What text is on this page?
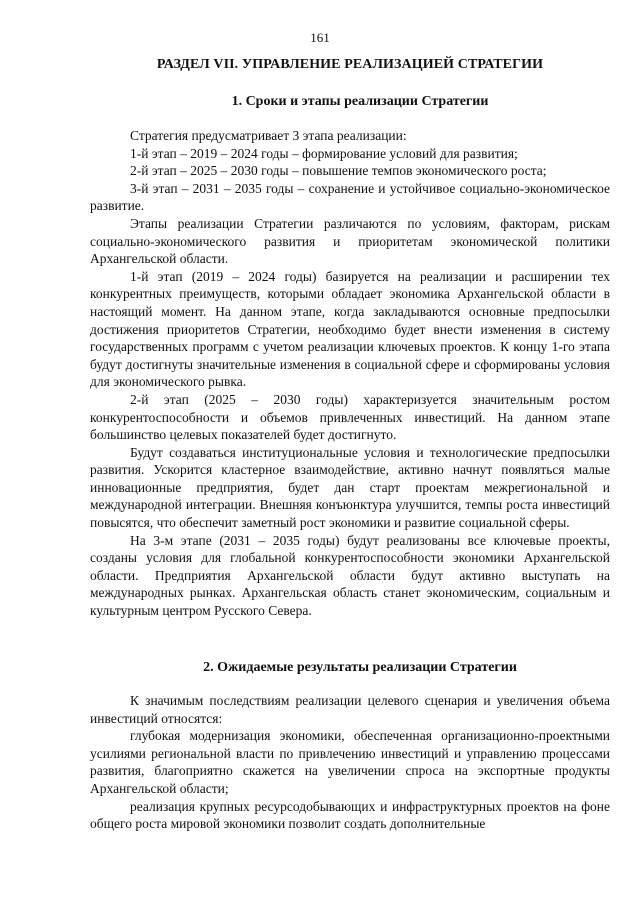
161
РАЗДЕЛ VII. УПРАВЛЕНИЕ РЕАЛИЗАЦИЕЙ СТРАТЕГИИ
1. Сроки и этапы реализации Стратегии

Стратегия предусматривает 3 этапа реализации:

1-й этап – 2019 – 2024 годы – формирование условий для развития;

2-й этап – 2025 – 2030 годы – повышение темпов экономического роста;

3-й этап – 2031 – 2035 годы – сохранение и устойчивое социально-экономическое развитие.

Этапы реализации Стратегии различаются по условиям, факторам, рискам социально-экономического развития и приоритетам экономической политики Архангельской области.

1-й этап (2019 – 2024 годы) базируется на реализации и расширении тех конкурентных преимуществ, которыми обладает экономика Архангельской области в настоящий момент. На данном этапе, когда закладываются основные предпосылки достижения приоритетов Стратегии, необходимо будет внести изменения в систему государственных программ с учетом реализации ключевых проектов. К концу 1-го этапа будут достигнуты значительные изменения в социальной сфере и сформированы условия для экономического рывка.

2-й этап (2025 – 2030 годы) характеризуется значительным ростом конкурентоспособности и объемов привлеченных инвестиций. На данном этапе большинство целевых показателей будет достигнуто.

Будут создаваться институциональные условия и технологические предпосылки развития. Ускорится кластерное взаимодействие, активно начнут появляться малые инновационные предприятия, будет дан старт проектам межрегиональной и международной интеграции. Внешняя конъюнктура улучшится, темпы роста инвестиций повысятся, что обеспечит заметный рост экономики и развитие социальной сферы.

На 3-м этапе (2031 – 2035 годы) будут реализованы все ключевые проекты, созданы условия для глобальной конкурентоспособности экономики Архангельской области. Предприятия Архангельской области будут активно выступать на международных рынках. Архангельская область станет экономическим, социальным и культурным центром Русского Севера.

2. Ожидаемые результаты реализации Стратегии

К значимым последствиям реализации целевого сценария и увеличения объема инвестиций относятся:

глубокая модернизация экономики, обеспеченная организационно-проектными усилиями региональной власти по привлечению инвестиций и управлению процессами развития, благоприятно скажется на увеличении спроса на экспортные продукты Архангельской области;

реализация крупных ресурсодобывающих и инфраструктурных проектов на фоне общего роста мировой экономики позволит создать дополнительные
